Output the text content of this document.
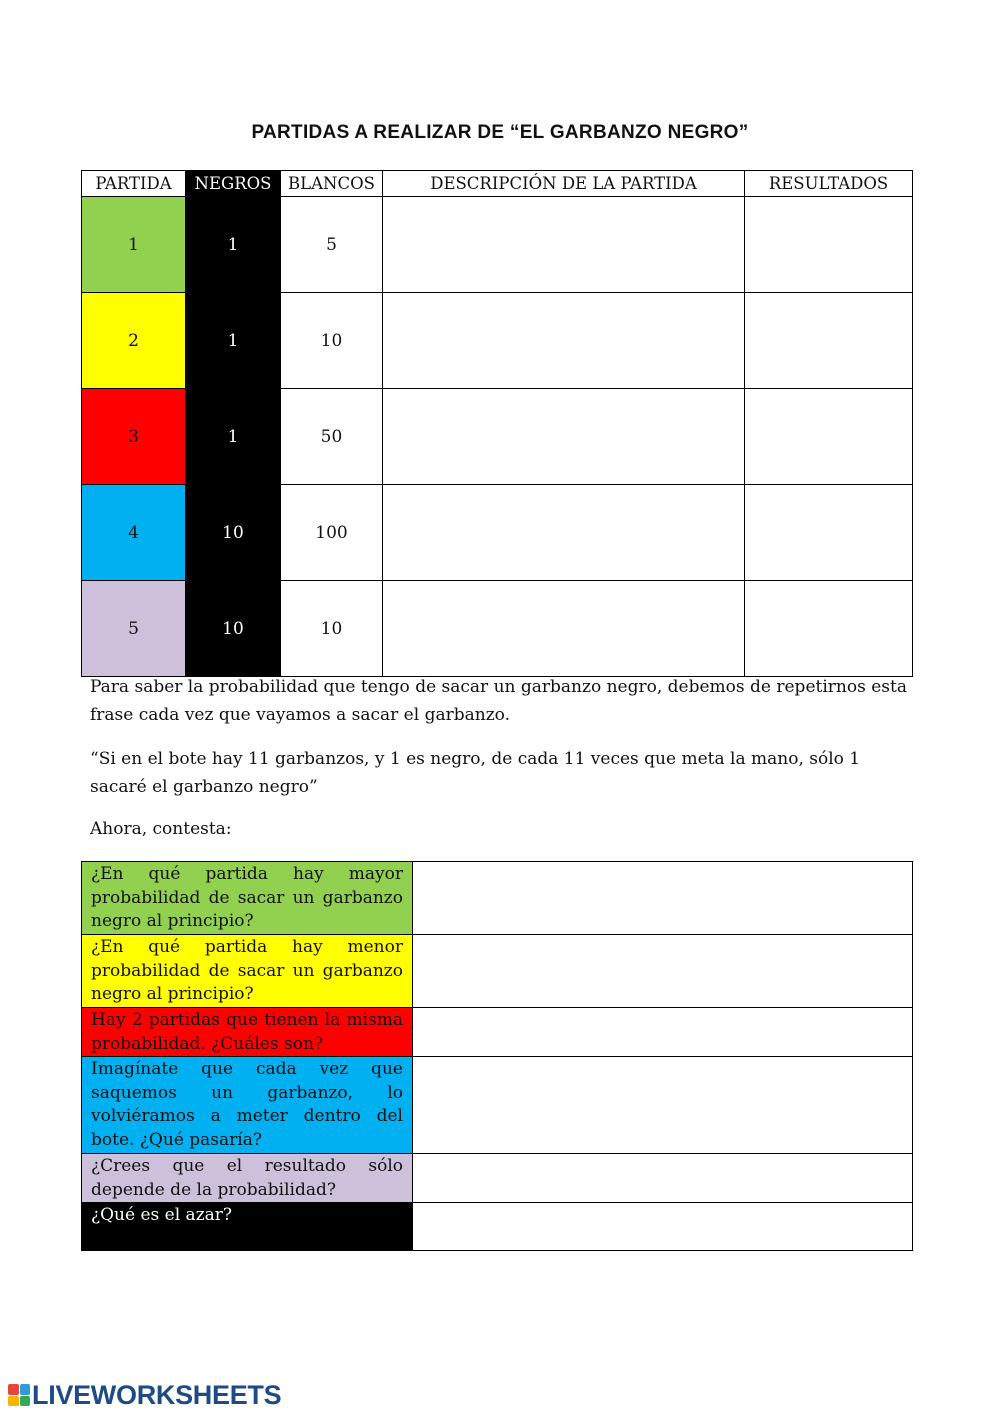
PARTIDAS A REALIZAR DE “EL GARBANZO NEGRO”
PARTIDA	NEGROS	BLANCOS	DESCRIPCIÓN DE LA PARTIDA	RESULTADOS
1	1	5		
2	1	10		
3	1	50		
4	10	100		
5	10	10		
Para saber la probabilidad que tengo de sacar un garbanzo negro, debemos de repetirnos esta frase cada vez que vayamos a sacar el garbanzo.
“Si en el bote hay 11 garbanzos, y 1 es negro, de cada 11 veces que meta la mano, sólo 1 sacaré el garbanzo negro”
Ahora, contesta:
¿En qué partida hay mayor probabilidad de sacar un garbanzo negro al principio?	
¿En qué partida hay menor probabilidad de sacar un garbanzo negro al principio?	
Hay 2 partidas que tienen la misma probabilidad. ¿Cuáles son?	
Imagínate que cada vez que saquemos un garbanzo, lo volviéramos a meter dentro del bote. ¿Qué pasaría?	
¿Crees que el resultado sólo depende de la probabilidad?	
¿Qué es el azar?	
LIVEWORKSHEETS
